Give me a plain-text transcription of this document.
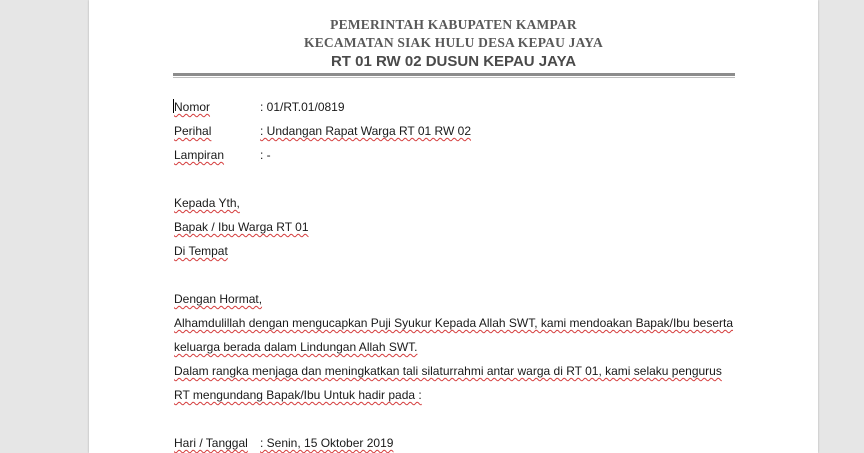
PEMERINTAH KABUPATEN KAMPAR
KECAMATAN SIAK HULU DESA KEPAU JAYA
RT 01 RW 02 DUSUN KEPAU JAYA
Nomor	: 01/RT.01/0819
Perihal	: Undangan Rapat Warga RT 01 RW 02
Lampiran	: -
Kepada Yth,
Bapak / Ibu Warga RT 01
Di Tempat
Dengan Hormat,
Alhamdulillah dengan mengucapkan Puji Syukur Kepada Allah SWT, kami mendoakan Bapak/Ibu beserta
keluarga berada dalam Lindungan Allah SWT.
Dalam rangka menjaga dan meningkatkan tali silaturrahmi antar warga di RT 01, kami selaku pengurus
RT mengundang Bapak/Ibu Untuk hadir pada :
Hari / Tanggal : Senin, 15 Oktober 2019
